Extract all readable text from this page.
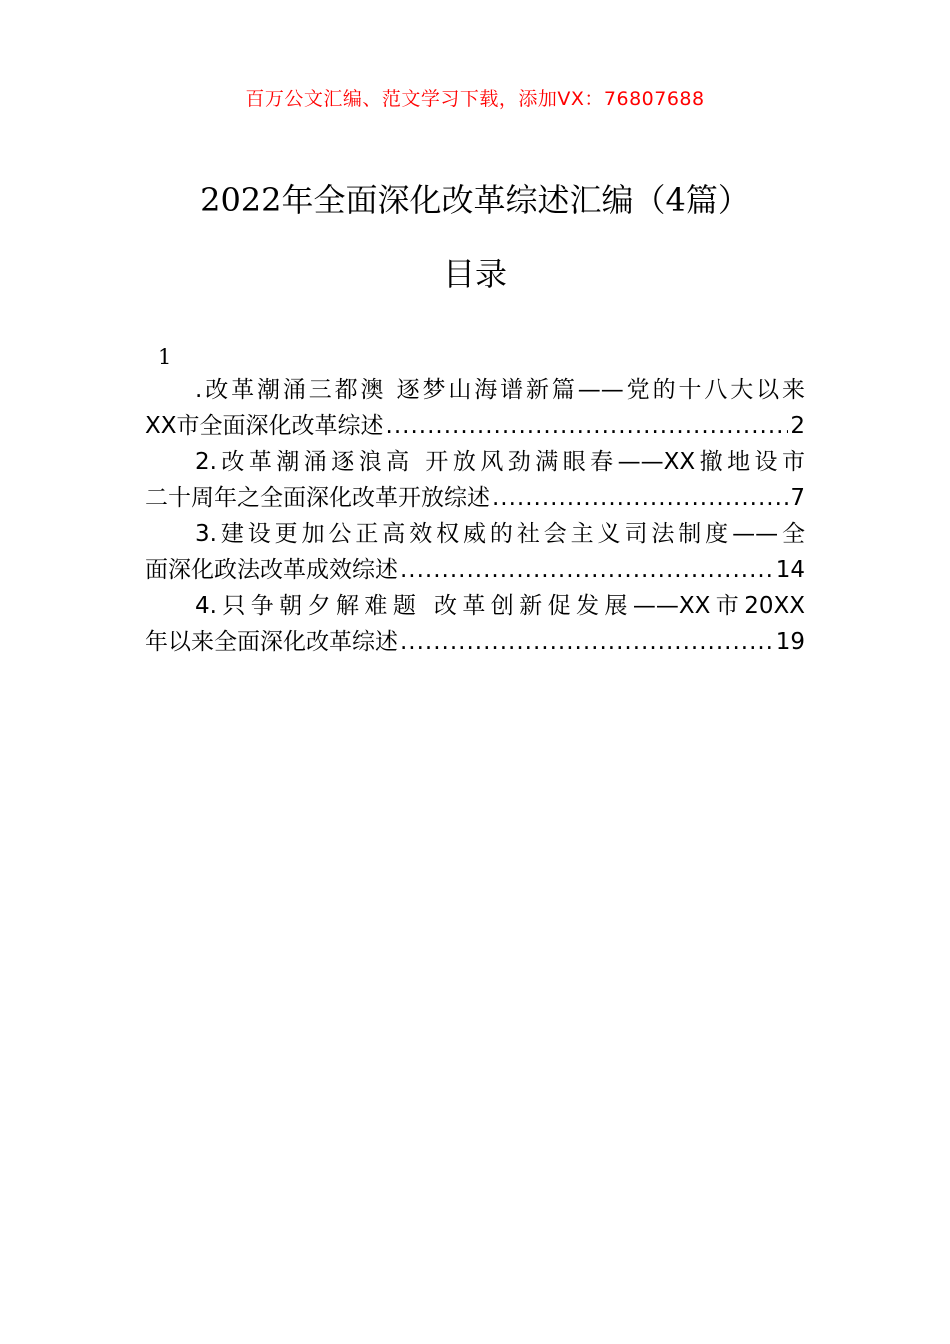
百万公文汇编、范文学习下载，添加VX：76807688
2022年全面深化改革综述汇编（4篇）
目录
1
.改革潮涌三都澳 逐梦山海谱新篇——党的十八大以来
XX市全面深化改革综述 .....	2
2.改革潮涌逐浪高 开放风劲满眼春——XX撤地设市
二十周年之全面深化改革开放综述 .....	7
3.建设更加公正高效权威的社会主义司法制度——全
面深化政法改革成效综述 .....	14
4.只争朝夕解难题 改革创新促发展——XX市20XX
年以来全面深化改革综述 .....	19
